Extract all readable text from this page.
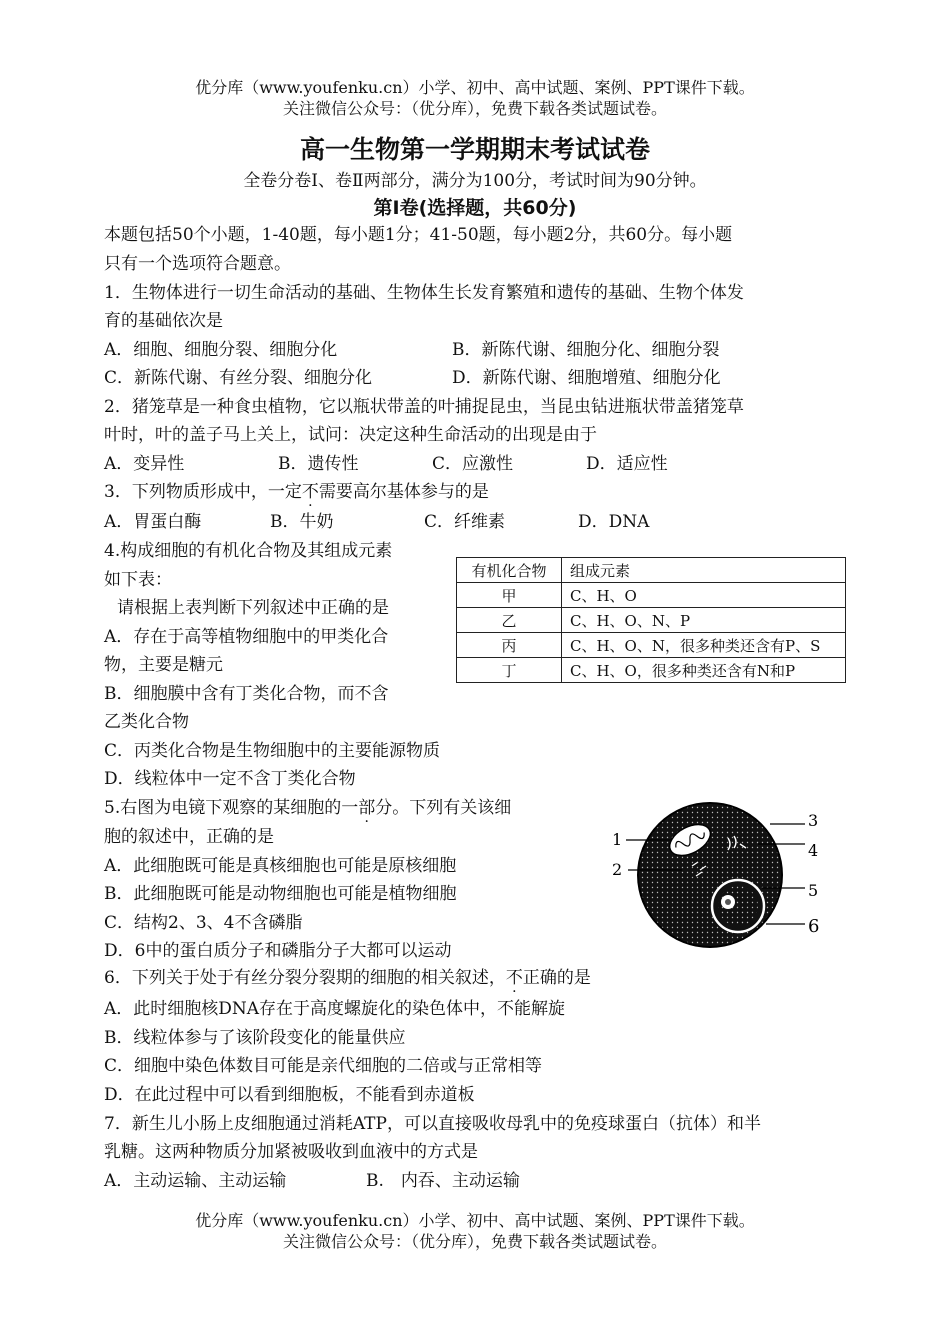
优分库（www.youfenku.cn）小学、初中、高中试题、案例、PPT课件下载。
关注微信公众号：（优分库），免费下载各类试题试卷。
高一生物第一学期期末考试试卷
全卷分卷Ⅰ、卷Ⅱ两部分，满分为100分，考试时间为90分钟。
第Ⅰ卷(选择题，共60分)
本题包括50个小题，1-40题，每小题1分；41-50题，每小题2分，共60分。每小题
只有一个选项符合题意。
1．生物体进行一切生命活动的基础、生物体生长发育繁殖和遗传的基础、生物个体发
育的基础依次是
A．细胞、细胞分裂、细胞分化	B．新陈代谢、细胞分化、细胞分裂
C．新陈代谢、有丝分裂、细胞分化	D．新陈代谢、细胞增殖、细胞分化
2．猪笼草是一种食虫植物，它以瓶状带盖的叶捕捉昆虫，当昆虫钻进瓶状带盖猪笼草
叶时，叶的盖子马上关上，试问：决定这种生命活动的出现是由于
A．变异性	B．遗传性	C．应激性	D．适应性
3．下列物质形成中，一定不需要高尔基体参与的是
A．胃蛋白酶	B．牛奶	C．纤维素	D．DNA
4.构成细胞的有机化合物及其组成元素
如下表：
请根据上表判断下列叙述中正确的是
A．存在于高等植物细胞中的甲类化合
物，主要是糖元
B．细胞膜中含有丁类化合物，而不含
乙类化合物
C．丙类化合物是生物细胞中的主要能源物质
D．线粒体中一定不含丁类化合物
有机化合物	组成元素
甲	C、H、O
乙	C、H、O、N、P
丙	C、H、O、N，很多种类还含有P、S
丁	C、H、O，很多种类还含有N和P
5.右图为电镜下观察的某细胞的一部分。下列有关该细
胞的叙述中，正确的是
A．此细胞既可能是真核细胞也可能是原核细胞
B．此细胞既可能是动物细胞也可能是植物细胞
C．结构2、3、4不含磷脂
D．6中的蛋白质分子和磷脂分子大都可以运动
1
2
3
4
5
6
6．下列关于处于有丝分裂分裂期的细胞的相关叙述，不正确的是
A．此时细胞核DNA存在于高度螺旋化的染色体中，不能解旋
B．线粒体参与了该阶段变化的能量供应
C．细胞中染色体数目可能是亲代细胞的二倍或与正常相等
D．在此过程中可以看到细胞板，不能看到赤道板
7．新生儿小肠上皮细胞通过消耗ATP，可以直接吸收母乳中的免疫球蛋白（抗体）和半
乳糖。这两种物质分加紧被吸收到血液中的方式是
A．主动运输、主动运输	B.　内吞、主动运输
优分库（www.youfenku.cn）小学、初中、高中试题、案例、PPT课件下载。
关注微信公众号：（优分库），免费下载各类试题试卷。
